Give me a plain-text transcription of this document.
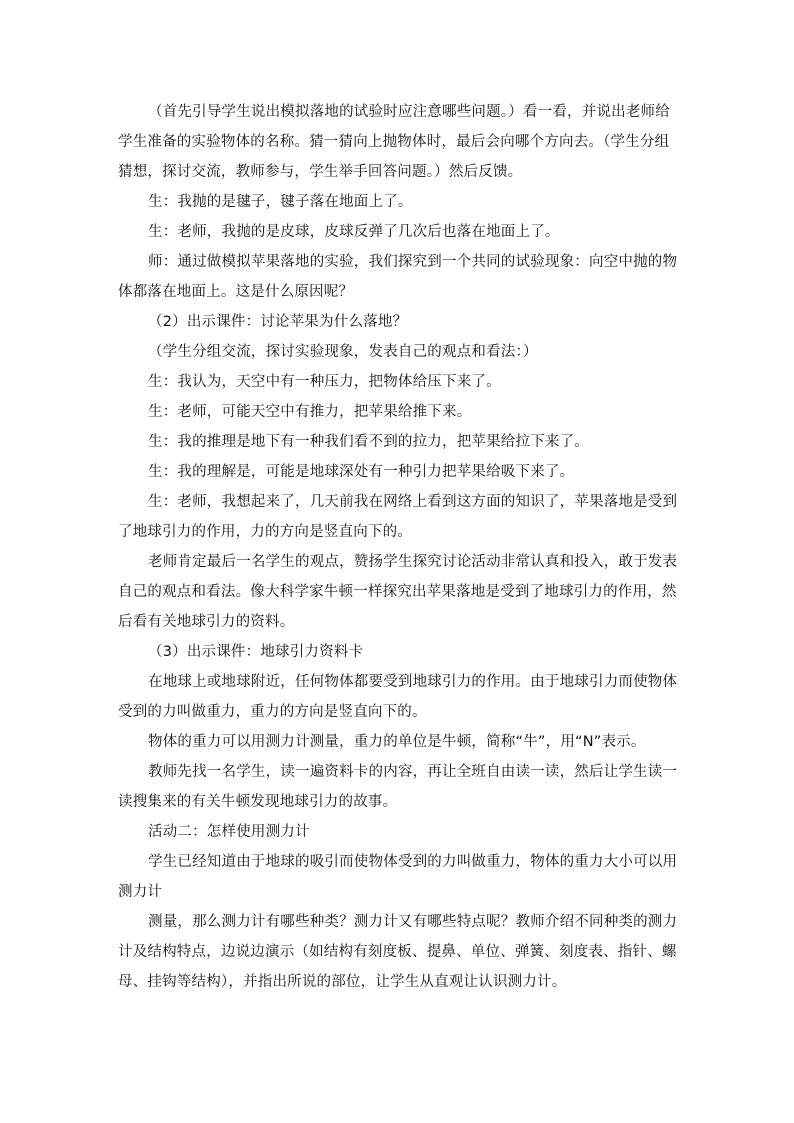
（首先引导学生说出模拟落地的试验时应注意哪些问题。）看一看，并说出老师给学生准备的实验物体的名称。猜一猜向上抛物体时，最后会向哪个方向去。（学生分组猜想，探讨交流，教师参与，学生举手回答问题。）然后反馈。

生：我抛的是毽子，毽子落在地面上了。

生：老师，我抛的是皮球，皮球反弹了几次后也落在地面上了。

师：通过做模拟苹果落地的实验，我们探究到一个共同的试验现象：向空中抛的物体都落在地面上。这是什么原因呢？

（2）出示课件：讨论苹果为什么落地？

（学生分组交流，探讨实验现象，发表自己的观点和看法：）

生：我认为，天空中有一种压力，把物体给压下来了。

生：老师，可能天空中有推力，把苹果给推下来。

生：我的推理是地下有一种我们看不到的拉力，把苹果给拉下来了。

生：我的理解是，可能是地球深处有一种引力把苹果给吸下来了。

生：老师，我想起来了，几天前我在网络上看到这方面的知识了，苹果落地是受到了地球引力的作用，力的方向是竖直向下的。

老师肯定最后一名学生的观点，赞扬学生探究讨论活动非常认真和投入，敢于发表自己的观点和看法。像大科学家牛顿一样探究出苹果落地是受到了地球引力的作用，然后看有关地球引力的资料。

（3）出示课件：地球引力资料卡

在地球上或地球附近，任何物体都要受到地球引力的作用。由于地球引力而使物体受到的力叫做重力，重力的方向是竖直向下的。

物体的重力可以用测力计测量，重力的单位是牛顿，简称“牛”，用“N”表示。

教师先找一名学生，读一遍资料卡的内容，再让全班自由读一读，然后让学生读一读搜集来的有关牛顿发现地球引力的故事。

活动二：怎样使用测力计

学生已经知道由于地球的吸引而使物体受到的力叫做重力，物体的重力大小可以用测力计

测量，那么测力计有哪些种类？测力计又有哪些特点呢？教师介绍不同种类的测力计及结构特点，边说边演示（如结构有刻度板、提鼻、单位、弹簧、刻度表、指针、螺母、挂钩等结构），并指出所说的部位，让学生从直观让认识测力计。
